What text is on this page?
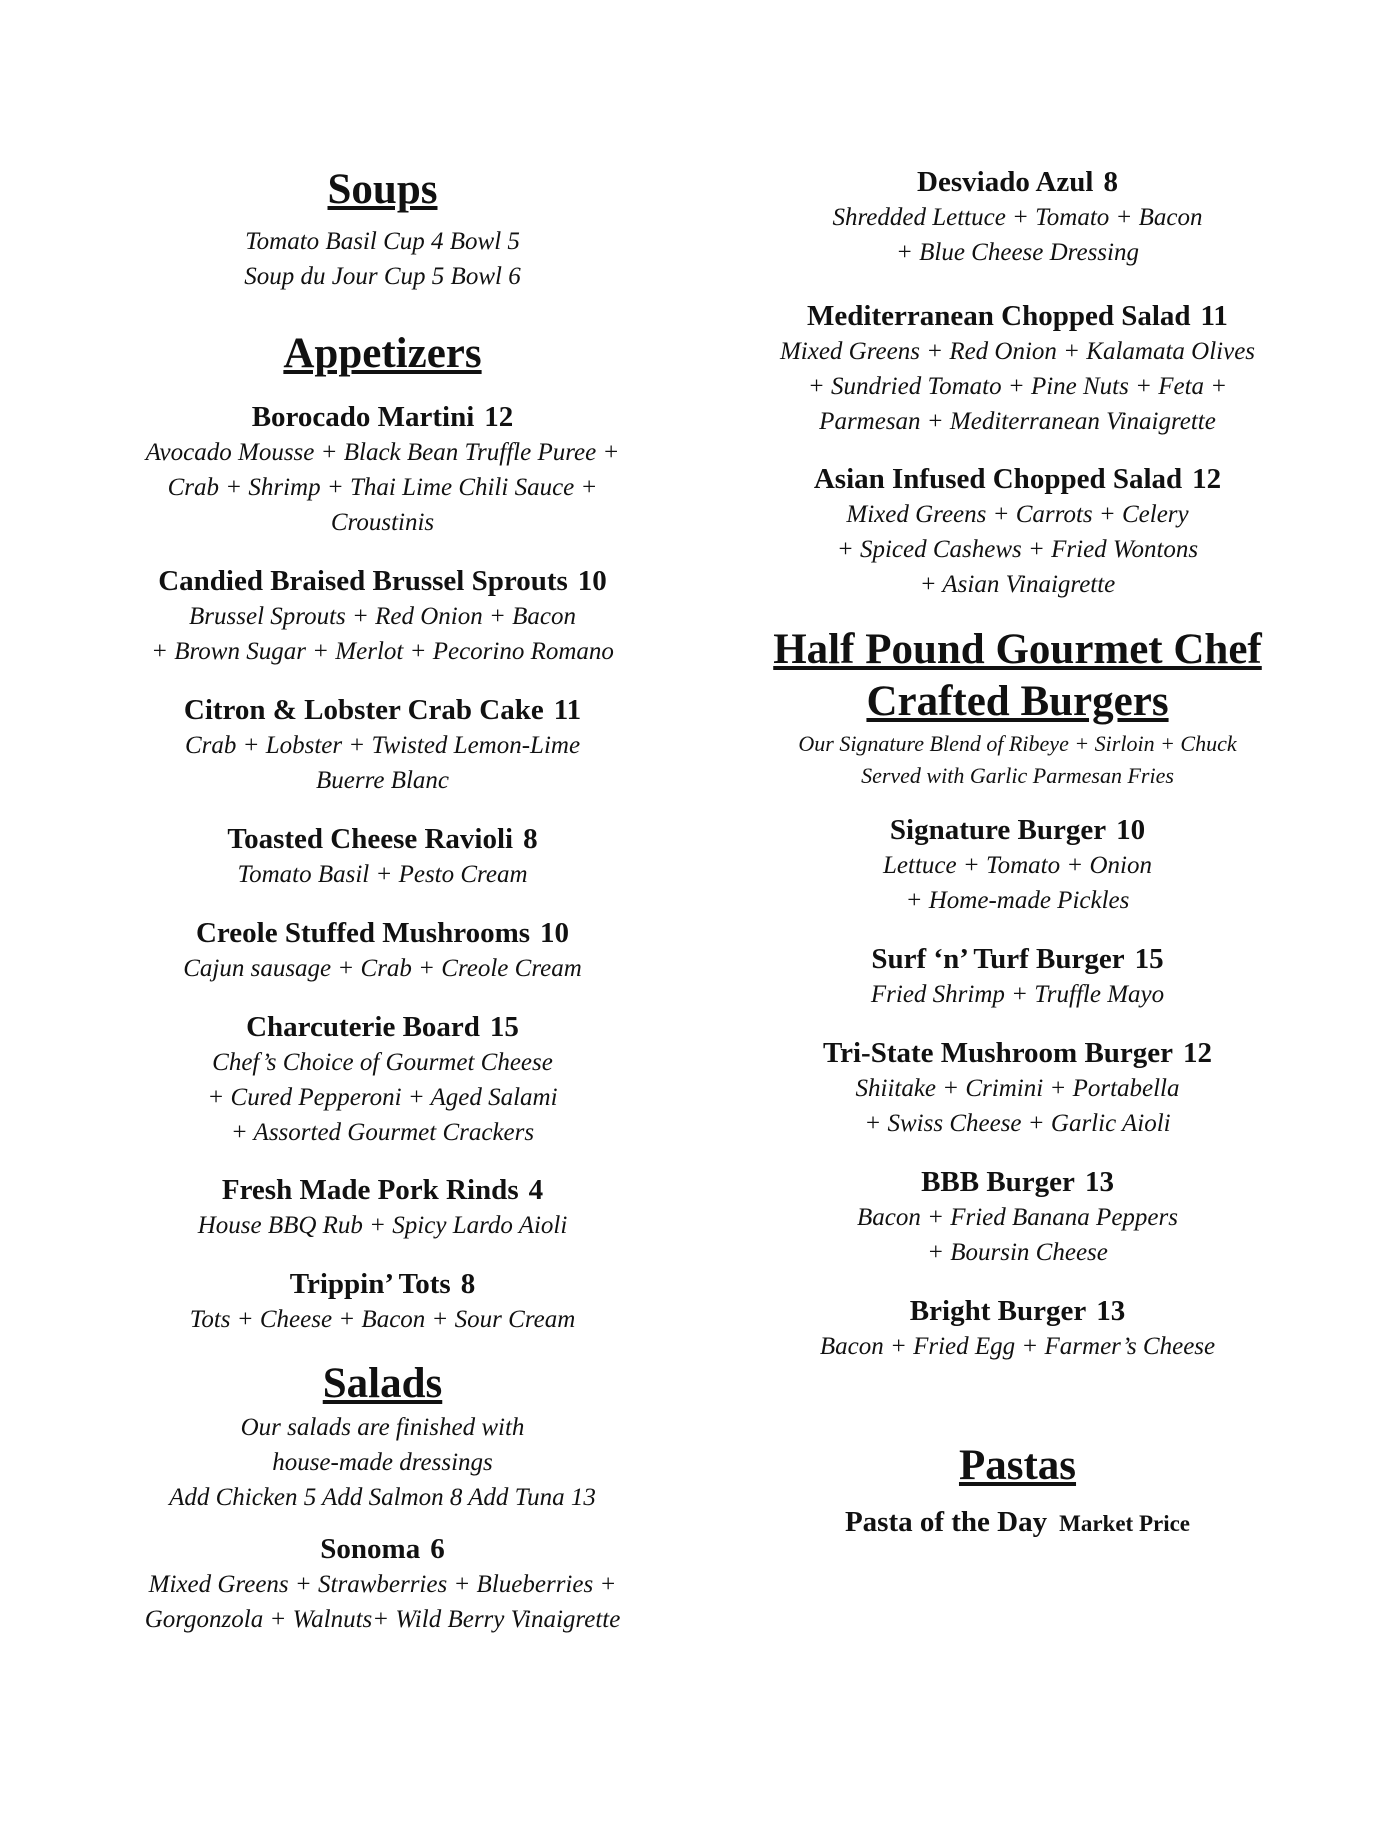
Soups
Tomato Basil Cup 4 Bowl 5
Soup du Jour Cup 5 Bowl 6
Appetizers

Borocado Martini 12

Avocado Mousse + Black Bean Truffle Puree +
Crab + Shrimp + Thai Lime Chili Sauce +
Croustinis

Candied Braised Brussel Sprouts 10

Brussel Sprouts + Red Onion + Bacon
+ Brown Sugar + Merlot + Pecorino Romano

Citron & Lobster Crab Cake 11

Crab + Lobster + Twisted Lemon-Lime
Buerre Blanc

Toasted Cheese Ravioli 8

Tomato Basil + Pesto Cream

Creole Stuffed Mushrooms 10

Cajun sausage + Crab + Creole Cream

Charcuterie Board 15

Chef’s Choice of Gourmet Cheese
+ Cured Pepperoni + Aged Salami
+ Assorted Gourmet Crackers

Fresh Made Pork Rinds 4

House BBQ Rub + Spicy Lardo Aioli

Trippin’ Tots 8

Tots + Cheese + Bacon + Sour Cream
Salads
Our salads are finished with
house-made dressings
Add Chicken 5 Add Salmon 8 Add Tuna 13

Sonoma 6

Mixed Greens + Strawberries + Blueberries +
Gorgonzola + Walnuts+ Wild Berry Vinaigrette

Desviado Azul 8

Shredded Lettuce + Tomato + Bacon
+ Blue Cheese Dressing

Mediterranean Chopped Salad 11

Mixed Greens + Red Onion + Kalamata Olives
+ Sundried Tomato + Pine Nuts + Feta +
Parmesan + Mediterranean Vinaigrette

Asian Infused Chopped Salad 12

Mixed Greens + Carrots + Celery
+ Spiced Cashews + Fried Wontons
+ Asian Vinaigrette
Half Pound Gourmet Chef
Crafted Burgers
Our Signature Blend of Ribeye + Sirloin + Chuck
Served with Garlic Parmesan Fries

Signature Burger 10

Lettuce + Tomato + Onion
+ Home-made Pickles

Surf ‘n’ Turf Burger 15

Fried Shrimp + Truffle Mayo

Tri-State Mushroom Burger 12

Shiitake + Crimini + Portabella
+ Swiss Cheese + Garlic Aioli

BBB Burger 13

Bacon + Fried Banana Peppers
+ Boursin Cheese

Bright Burger 13

Bacon + Fried Egg + Farmer’s Cheese
Pastas

Pasta of the Day Market Price
